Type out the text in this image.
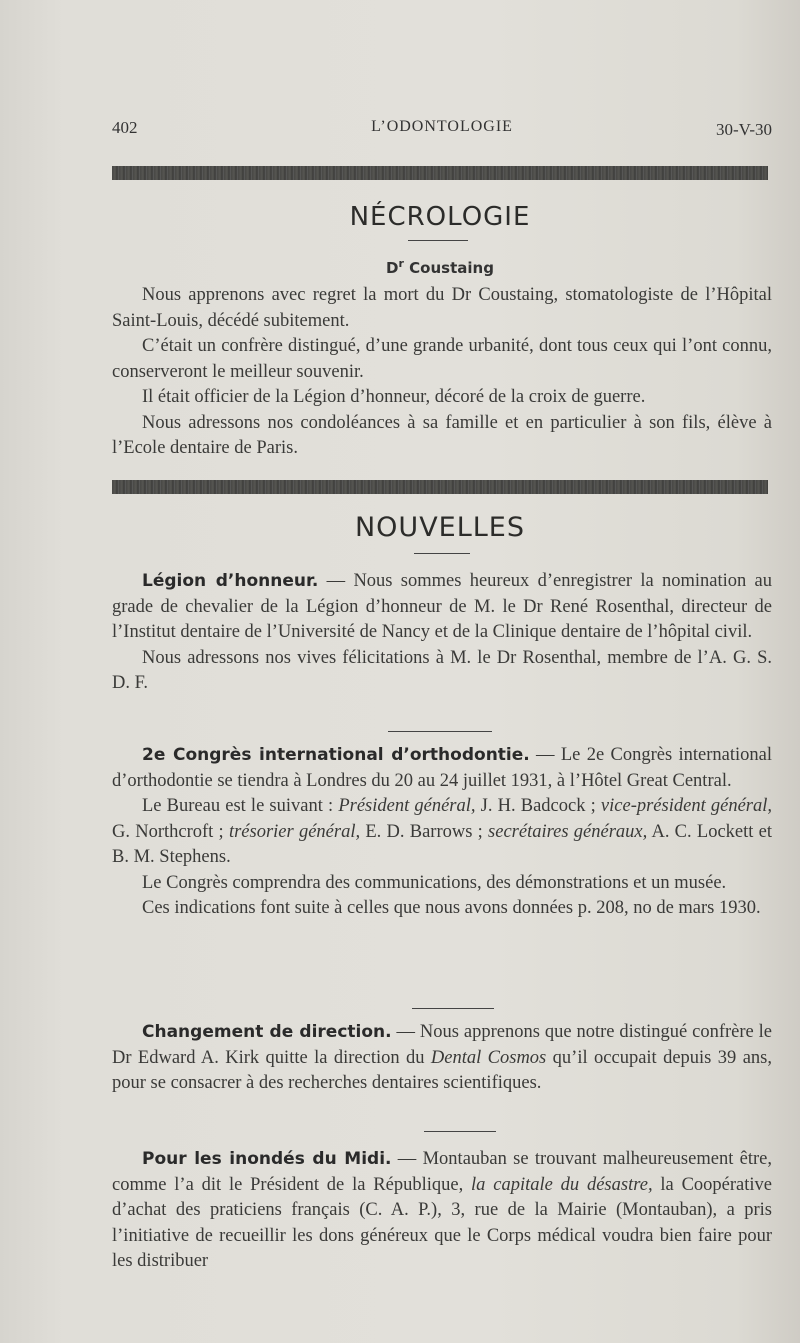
402	L’ODONTOLOGIE	30-V-30
NÉCROLOGIE
$D^r$ Coustaing
Nous apprenons avec regret la mort du Dr Coustaing, stomatologiste de l’Hôpital Saint-Louis, décédé subitement.
C’était un confrère distingué, d’une grande urbanité, dont tous ceux qui l’ont connu, conserveront le meilleur souvenir.
Il était officier de la Légion d’honneur, décoré de la croix de guerre.
Nous adressons nos condoléances à sa famille et en particulier à son fils, élève à l’Ecole dentaire de Paris.
NOUVELLES
Légion d’honneur. — Nous sommes heureux d’enregistrer la nomination au grade de chevalier de la Légion d’honneur de M. le Dr René Rosenthal, directeur de l’Institut dentaire de l’Université de Nancy et de la Clinique dentaire de l’hôpital civil.
Nous adressons nos vives félicitations à M. le Dr Rosenthal, membre de l’A. G. S. D. F.
2e Congrès international d’orthodontie. — Le 2e Congrès international d’orthodontie se tiendra à Londres du 20 au 24 juillet 1931, à l’Hôtel Great Central.
Le Bureau est le suivant : Président général, J. H. Badcock ; vice-président général, G. Northcroft ; trésorier général, E. D. Barrows ; secrétaires généraux, A. C. Lockett et B. M. Stephens.
Le Congrès comprendra des communications, des démonstrations et un musée.
Ces indications font suite à celles que nous avons données p. 208, no de mars 1930.
Changement de direction. — Nous apprenons que notre distingué confrère le Dr Edward A. Kirk quitte la direction du Dental Cosmos qu’il occupait depuis 39 ans, pour se consacrer à des recherches dentaires scientifiques.
Pour les inondés du Midi. — Montauban se trouvant malheureusement être, comme l’a dit le Président de la République, la capitale du désastre, la Coopérative d’achat des praticiens français (C. A. P.), 3, rue de la Mairie (Montauban), a pris l’initiative de recueillir les dons généreux que le Corps médical voudra bien faire pour les distribuer
